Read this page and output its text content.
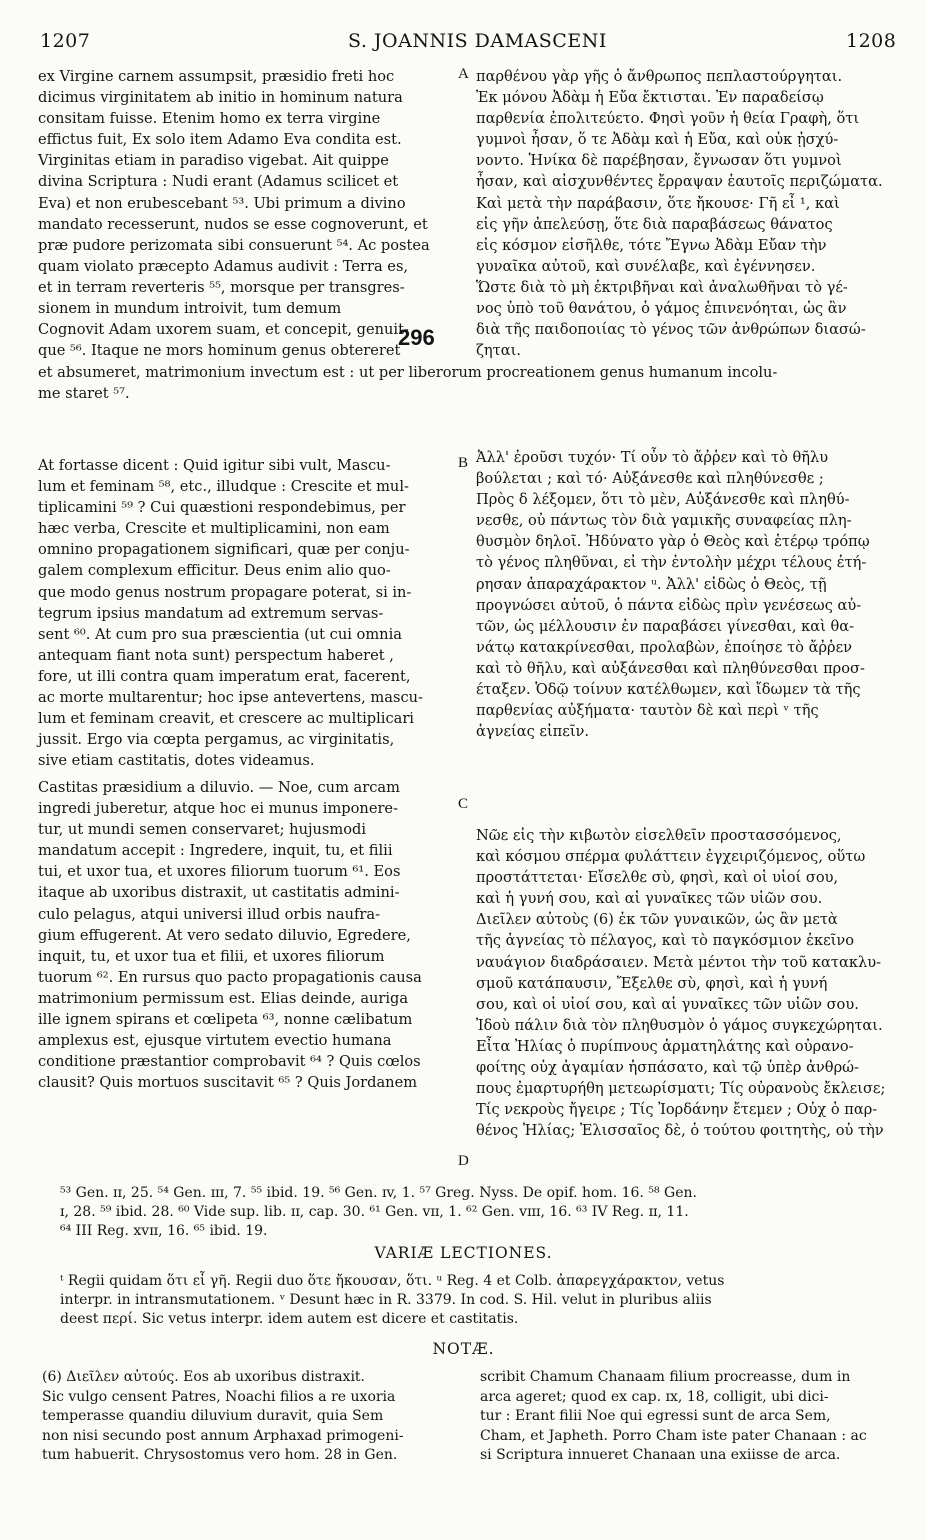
1207	S. JOANNIS DAMASCENI	1208
ex Virgine carnem assumpsit, præsidio freti hoc
dicimus virginitatem ab initio in hominum natura
consitam fuisse. Etenim homo ex terra virgine
effictus fuit, Ex solo item Adamo Eva condita est.
Virginitas etiam in paradiso vigebat. Ait quippe
divina Scriptura : Nudi erant (Adamus scilicet et
Eva) et non erubescebant ⁵³. Ubi primum a divino
mandato recesserunt, nudos se esse cognoverunt, et
præ pudore perizomata sibi consuerunt ⁵⁴. Ac postea
quam violato præcepto Adamus audivit : Terra es,
et in terram reverteris ⁵⁵, morsque per transgres-
sionem in mundum introivit, tum demum
Cognovit Adam uxorem suam, et concepit, genuit-
que ⁵⁶. Itaque ne mors hominum genus obtereret
A παρθένου γὰρ γῆς ὁ ἄνθρωπος πεπλαστούργηται.
Ἐκ μόνου Ἀδὰμ ἡ Εὔα ἔκτισται. Ἐν παραδείσῳ
παρθενία ἐπολιτεύετο. Φησὶ γοῦν ἡ θεία Γραφὴ, ὅτι
γυμνοὶ ἦσαν, ὅ τε Ἀδὰμ καὶ ἡ Εὔα, καὶ οὐκ ᾐσχύ-
νοντο. Ἡνίκα δὲ παρέβησαν, ἔγνωσαν ὅτι γυμνοὶ
ἦσαν, καὶ αἰσχυνθέντες ἔρραψαν ἑαυτοῖς περιζώματα.
Καὶ μετὰ τὴν παράβασιν, ὅτε ἤκουσε· Γῆ εἶ ¹, καὶ
εἰς γῆν ἀπελεύσῃ, ὅτε διὰ παραβάσεως θάνατος
εἰς κόσμον εἰσῆλθε, τότε Ἔγνω Ἀδὰμ Εὔαν τὴν
γυναῖκα αὐτοῦ, καὶ συνέλαβε, καὶ ἐγέννησεν.
Ὥστε διὰ τὸ μὴ ἐκτριβῆναι καὶ ἀναλωθῆναι τὸ γέ-
νος ὑπὸ τοῦ θανάτου, ὁ γάμος ἐπινενόηται, ὡς ἂν
διὰ τῆς παιδοποιίας τὸ γένος τῶν ἀνθρώπων διασώ-
ζηται.
296
et absumeret, matrimonium invectum est : ut per liberorum procreationem genus humanum incolu-
me staret ⁵⁷.
At fortasse dicent : Quid igitur sibi vult, Mascu-
lum et feminam ⁵⁸, etc., illudque : Crescite et mul-
tiplicamini ⁵⁹ ? Cui quæstioni respondebimus, per
hæc verba, Crescite et multiplicamini, non eam
omnino propagationem significari, quæ per conju-
galem complexum efficitur. Deus enim alio quo-
que modo genus nostrum propagare poterat, si in-
tegrum ipsius mandatum ad extremum servas-
sent ⁶⁰. At cum pro sua præscientia (ut cui omnia
antequam fiant nota sunt) perspectum haberet ,
fore, ut illi contra quam imperatum erat, facerent,
ac morte multarentur; hoc ipse antevertens, mascu-
lum et feminam creavit, et crescere ac multiplicari
jussit. Ergo via cœpta pergamus, ac virginitatis,
sive etiam castitatis, dotes videamus.
B Ἀλλ' ἐροῦσι τυχόν· Τί οὖν τὸ ἄῤῥεν καὶ τὸ θῆλυ
βούλεται ; καὶ τό· Αὐξάνεσθε καὶ πληθύνεσθε ;
Πρὸς δ λέξομεν, ὅτι τὸ μὲν, Αὐξάνεσθε καὶ πληθύ-
νεσθε, οὐ πάντως τὸν διὰ γαμικῆς συναφείας πλη-
θυσμὸν δηλοῖ. Ἠδύνατο γὰρ ὁ Θεὸς καὶ ἑτέρῳ τρόπῳ
τὸ γένος πληθῦναι, εἰ τὴν ἐντολὴν μέχρι τέλους ἐτή-
ρησαν ἀπαραχάρακτον ᵘ. Ἀλλ' εἰδὼς ὁ Θεὸς, τῇ
προγνώσει αὐτοῦ, ὁ πάντα εἰδὼς πρὶν γενέσεως αὐ-
τῶν, ὡς μέλλουσιν ἐν παραβάσει γίνεσθαι, καὶ θα-
νάτῳ κατακρίνεσθαι, προλαβὼν, ἐποίησε τὸ ἄῤῥεν
καὶ τὸ θῆλυ, καὶ αὐξάνεσθαι καὶ πληθύνεσθαι προσ-
έταξεν. Ὁδῷ τοίνυν κατέλθωμεν, καὶ ἴδωμεν τὰ τῆς
παρθενίας αὐξήματα· ταυτὸν δὲ καὶ περὶ ᵛ τῆς
ἁγνείας εἰπεῖν.
Castitas præsidium a diluvio. — Noe, cum arcam
ingredi juberetur, atque hoc ei munus imponere-
tur, ut mundi semen conservaret; hujusmodi
mandatum accepit : Ingredere, inquit, tu, et filii
tui, et uxor tua, et uxores filiorum tuorum ⁶¹. Eos
itaque ab uxoribus distraxit, ut castitatis admini-
culo pelagus, atqui universi illud orbis naufra-
gium effugerent. At vero sedato diluvio, Egredere,
inquit, tu, et uxor tua et filii, et uxores filiorum
tuorum ⁶². En rursus quo pacto propagationis causa
matrimonium permissum est. Elias deinde, auriga
ille ignem spirans et cœlipeta ⁶³, nonne cælibatum
amplexus est, ejusque virtutem evectio humana
conditione præstantior comprobavit ⁶⁴ ? Quis cœlos
clausit? Quis mortuos suscitavit ⁶⁵ ? Quis Jordanem
C
Νῶε εἰς τὴν κιβωτὸν εἰσελθεῖν προστασσόμενος,
καὶ κόσμου σπέρμα φυλάττειν ἐγχειριζόμενος, οὕτω
προστάττεται· Εἴσελθε σὺ, φησὶ, καὶ οἱ υἱοί σου,
καὶ ἡ γυνή σου, καὶ αἱ γυναῖκες τῶν υἱῶν σου.
Διεῖλεν αὐτοὺς (6) ἐκ τῶν γυναικῶν, ὡς ἂν μετὰ
τῆς ἁγνείας τὸ πέλαγος, καὶ τὸ παγκόσμιον ἐκεῖνο
ναυάγιον διαδράσαιεν. Μετὰ μέντοι τὴν τοῦ κατακλυ-
σμοῦ κατάπαυσιν, Ἔξελθε σὺ, φησὶ, καὶ ἡ γυνή
σου, καὶ οἱ υἱοί σου, καὶ αἱ γυναῖκες τῶν υἱῶν σου.
Ἰδοὺ πάλιν διὰ τὸν πληθυσμὸν ὁ γάμος συγκεχώρηται.
Εἶτα Ἠλίας ὁ πυρίπνους ἁρματηλάτης καὶ οὐρανο-
φοίτης οὐχ ἀγαμίαν ἠσπάσατο, καὶ τῷ ὑπὲρ ἀνθρώ-
πους ἐμαρτυρήθη μετεωρίσματι; Τίς οὐρανοὺς ἔκλεισε;
Τίς νεκροὺς ἤγειρε ; Τίς Ἰορδάνην ἔτεμεν ; Οὐχ ὁ παρ-
θένος Ἠλίας; Ἐλισσαῖος δὲ, ὁ τούτου φοιτητὴς, οὐ τὴν
D
⁵³ Gen. ɪɪ, 25. ⁵⁴ Gen. ɪɪɪ, 7. ⁵⁵ ibid. 19. ⁵⁶ Gen. ɪv, 1. ⁵⁷ Greg. Nyss. De opif. hom. 16. ⁵⁸ Gen.
ɪ, 28. ⁵⁹ ibid. 28. ⁶⁰ Vide sup. lib. ɪɪ, cap. 30. ⁶¹ Gen. vɪɪ, 1. ⁶² Gen. vɪɪɪ, 16. ⁶³ IV Reg. ɪɪ, 11.
⁶⁴ III Reg. xvɪɪ, 16. ⁶⁵ ibid. 19.
VARIÆ LECTIONES.
ᵗ Regii quidam ὅτι εἶ γῆ. Regii duo ὅτε ἤκουσαν, ὅτι. ᵘ Reg. 4 et Colb. ἀπαρεγχάρακτον, vetus
interpr. in intransmutationem. ᵛ Desunt hæc in R. 3379. In cod. S. Hil. velut in pluribus aliis
deest περί. Sic vetus interpr. idem autem est dicere et castitatis.
NOTÆ.
(6) Διεῖλεν αὐτούς. Eos ab uxoribus distraxit.
Sic vulgo censent Patres, Noachi filios a re uxoria
temperasse quandiu diluvium duravit, quia Sem
non nisi secundo post annum Arphaxad primogeni-
tum habuerit. Chrysostomus vero hom. 28 in Gen.
scribit Chamum Chanaam filium procreasse, dum in
arca ageret; quod ex cap. ɪx, 18, colligit, ubi dici-
tur : Erant filii Noe qui egressi sunt de arca Sem,
Cham, et Japheth. Porro Cham iste pater Chanaan : ac
si Scriptura innueret Chanaan una exiisse de arca.
